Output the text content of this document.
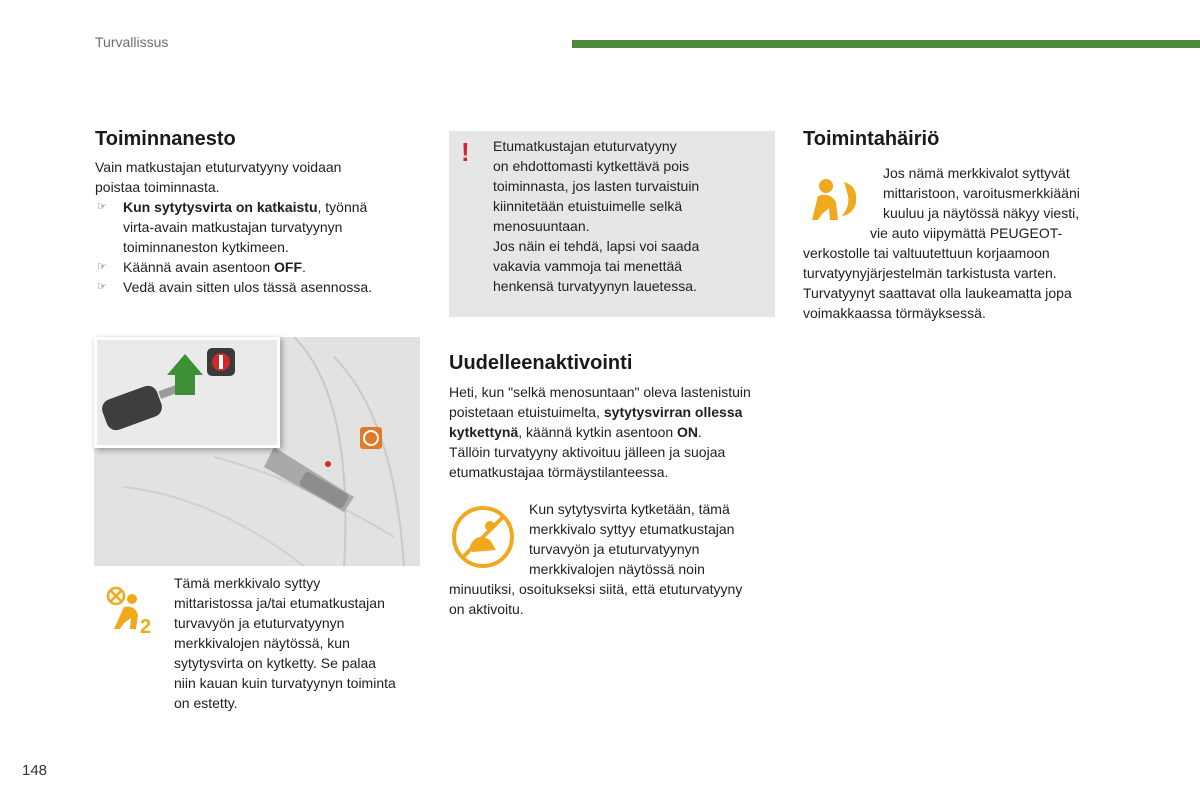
Turvallissus
Toiminnanesto

Vain matkustajan etuturvatyyny voidaan

poistaa toiminnasta.

☞ Kun sytytysvirta on katkaistu, työnnä
virta-avain matkustajan turvatyynyn
toiminnaneston kytkimeen.
☞ Käännä avain asentoon OFF.
☞ Vedä avain sitten ulos tässä asennossa.
2

Tämä merkkivalo syttyy

mittaristossa ja/tai etumatkustajan

turvavyön ja etuturvatyynyn

merkkivalojen näytössä, kun

sytytysvirta on kytketty. Se palaa

niin kauan kuin turvatyynyn toiminta

on estetty.

! Etumatkustajan etuturvatyyny

on ehdottomasti kytkettävä pois

toiminnasta, jos lasten turvaistuin

kiinnitetään etuistuimelle selkä

menosuuntaan.

Jos näin ei tehdä, lapsi voi saada

vakavia vammoja tai menettää

henkensä turvatyynyn lauetessa.

Uudelleenaktivointi

Heti, kun "selkä menosuntaan" oleva lastenistuin

poistetaan etuistuimelta, sytytysvirran ollessa

kytkettynä, käännä kytkin asentoon ON.

Tällöin turvatyyny aktivoituu jälleen ja suojaa

etumatkustajaa törmäystilanteessa.

Kun sytytysvirta kytketään, tämä

merkkivalo syttyy etumatkustajan

turvavyön ja etuturvatyynyn

merkkivalojen näytössä noin

minuutiksi, osoitukseksi siitä, että etuturvatyyny

on aktivoitu.

Toimintahäiriö

Jos nämä merkkivalot syttyvät

mittaristoon, varoitusmerkkiääni

kuuluu ja näytössä näkyy viesti,

vie auto viipymättä PEUGEOT-

verkostolle tai valtuutettuun korjaamoon

turvatyynyjärjestelmän tarkistusta varten.

Turvatyynyt saattavat olla laukeamatta jopa

voimakkaassa törmäyksessä.

148
